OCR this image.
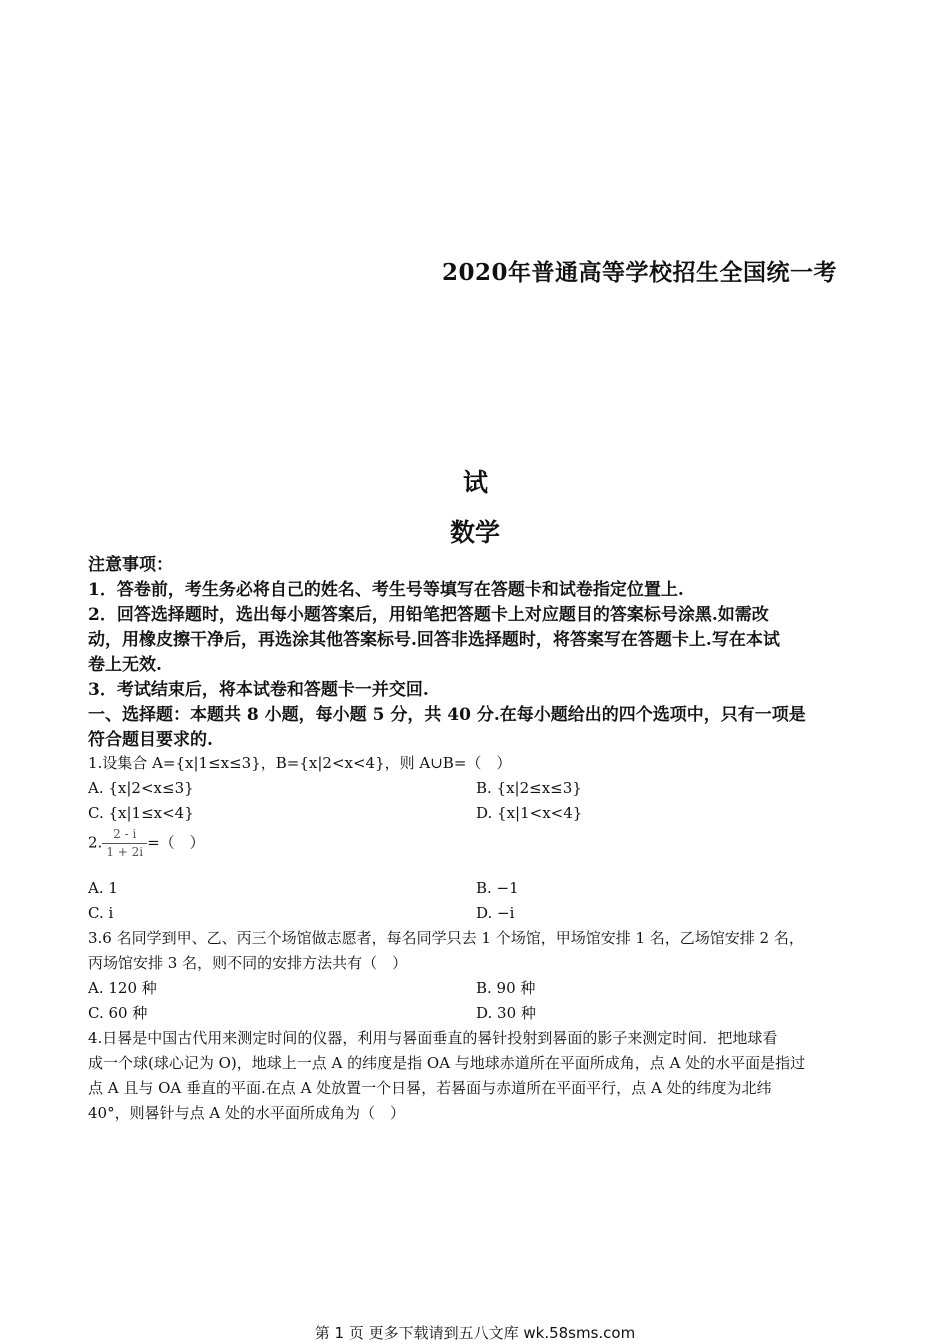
2020年普通高等学校招生全国统一考
试
数学
注意事项：
1．答卷前，考生务必将自己的姓名、考生号等填写在答题卡和试卷指定位置上.
2．回答选择题时，选出每小题答案后，用铅笔把答题卡上对应题目的答案标号涂黑.如需改
动，用橡皮擦干净后，再选涂其他答案标号.回答非选择题时，将答案写在答题卡上.写在本试
卷上无效.
3．考试结束后，将本试卷和答题卡一并交回.
一、选择题：本题共 8 小题，每小题 5 分，共 40 分.在每小题给出的四个选项中，只有一项是
符合题目要求的.
1.设集合 A={x|1≤x≤3}，B={x|2<x<4}，则 A∪B=（　）
A. {x|2<x≤3}	B. {x|2≤x≤3}
C. {x|1≤x<4}	D. {x|1<x<4}
2. $\frac{2 - i}{1 + 2i}$ =（　）
A. 1	B. −1
C. i	D. −i
3.6 名同学到甲、乙、丙三个场馆做志愿者，每名同学只去 1 个场馆，甲场馆安排 1 名，乙场馆安排 2 名，
丙场馆安排 3 名，则不同的安排方法共有（　）
A. 120 种	B. 90 种
C. 60 种	D. 30 种
4.日晷是中国古代用来测定时间的仪器，利用与晷面垂直的晷针投射到晷面的影子来测定时间．把地球看
成一个球(球心记为 O)，地球上一点 A 的纬度是指 OA 与地球赤道所在平面所成角，点 A 处的水平面是指过
点 A 且与 OA 垂直的平面.在点 A 处放置一个日晷，若晷面与赤道所在平面平行，点 A 处的纬度为北纬
40°，则晷针与点 A 处的水平面所成角为（　）
第 1 页 更多下载请到五八文库 wk.58sms.com
